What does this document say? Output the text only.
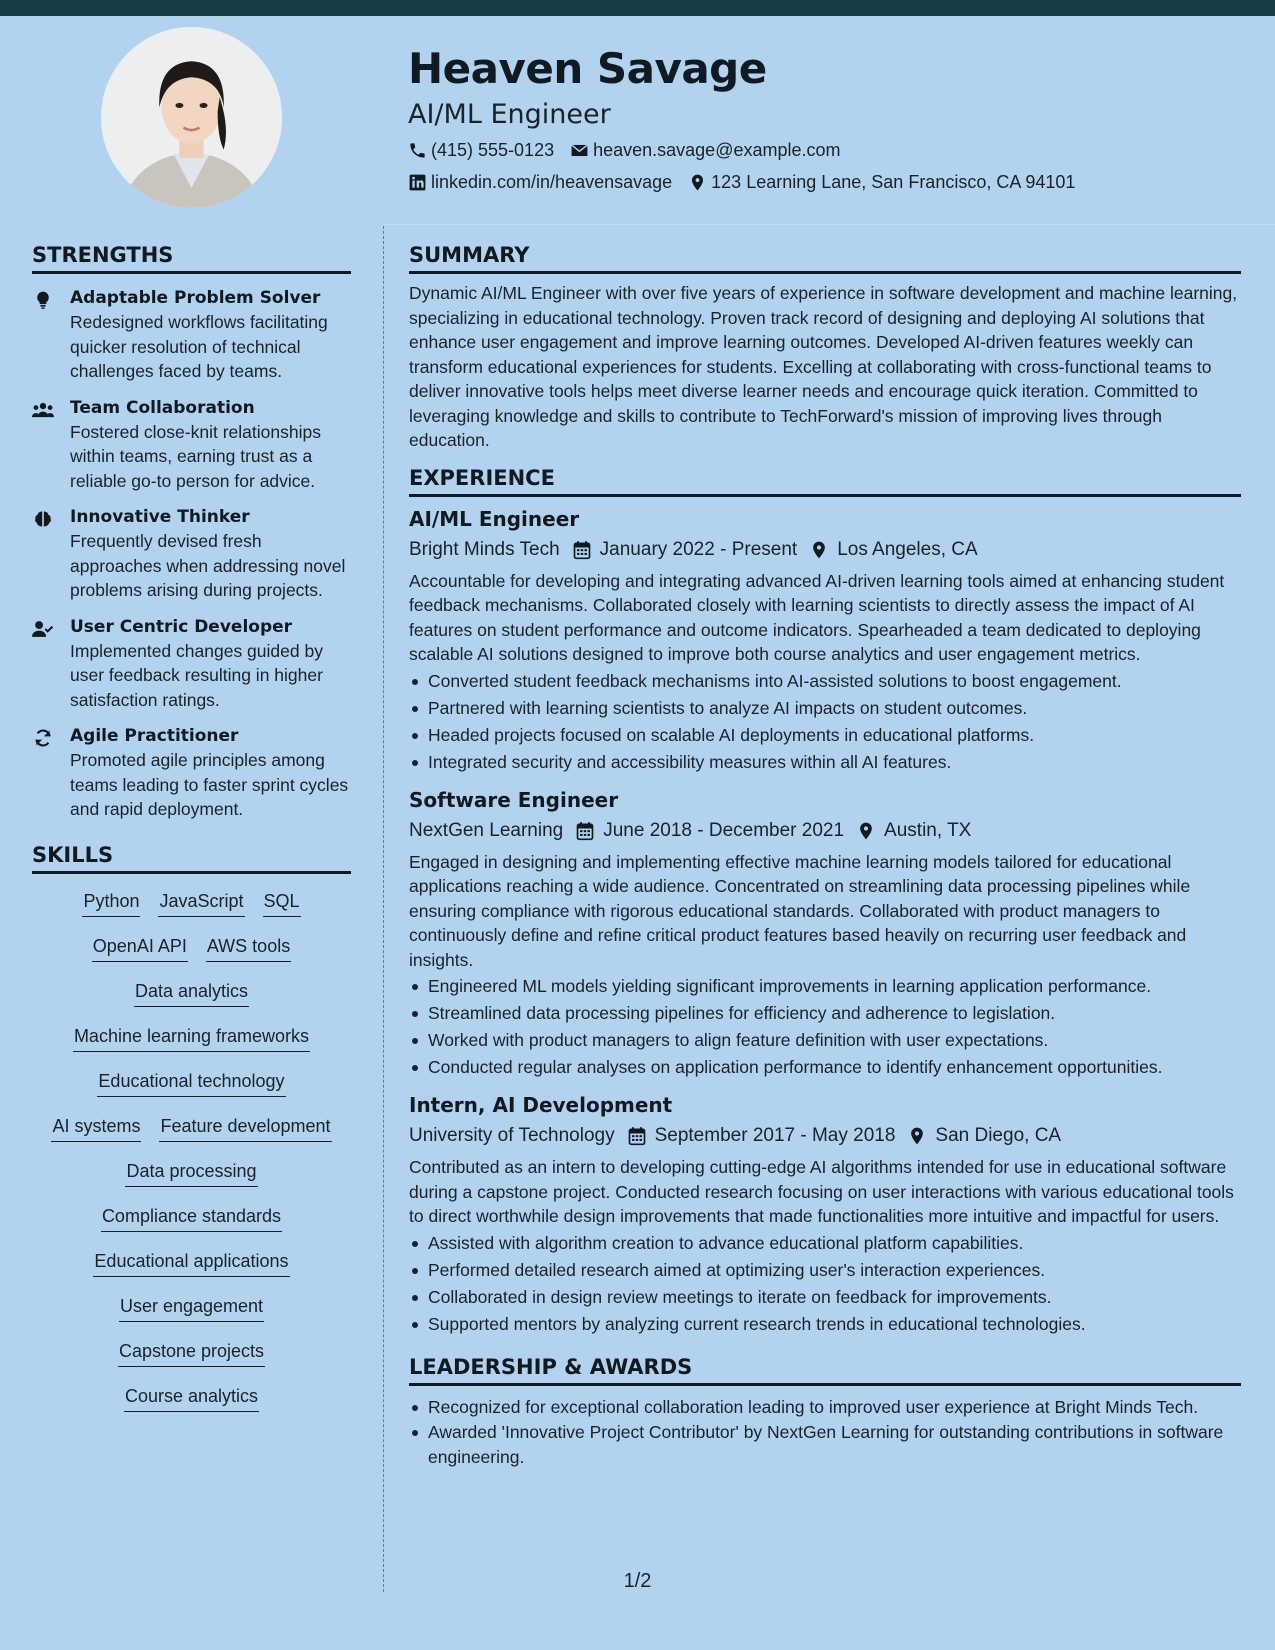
Heaven Savage
AI/ML Engineer
(415) 555-0123 heaven.savage@example.com
linkedin.com/in/heavensavage 123 Learning Lane, San Francisco, CA 94101
STRENGTHS
Adaptable Problem Solver
Redesigned workflows facilitating quicker resolution of technical challenges faced by teams.
Team Collaboration
Fostered close-knit relationships within teams, earning trust as a reliable go-to person for advice.
Innovative Thinker
Frequently devised fresh approaches when addressing novel problems arising during projects.
User Centric Developer
Implemented changes guided by user feedback resulting in higher satisfaction ratings.
Agile Practitioner
Promoted agile principles among teams leading to faster sprint cycles and rapid deployment.
SKILLS
Python JavaScript SQL
OpenAI API AWS tools
Data analytics
Machine learning frameworks
Educational technology
AI systems Feature development
Data processing
Compliance standards
Educational applications
User engagement
Capstone projects
Course analytics
SUMMARY
Dynamic AI/ML Engineer with over five years of experience in software development and machine learning, specializing in educational technology. Proven track record of designing and deploying AI solutions that enhance user engagement and improve learning outcomes. Developed AI-driven features weekly can transform educational experiences for students. Excelling at collaborating with cross-functional teams to deliver innovative tools helps meet diverse learner needs and encourage quick iteration. Committed to leveraging knowledge and skills to contribute to TechForward's mission of improving lives through education.
EXPERIENCE
AI/ML Engineer
Bright Minds Tech January 2022 - Present Los Angeles, CA
Accountable for developing and integrating advanced AI-driven learning tools aimed at enhancing student feedback mechanisms. Collaborated closely with learning scientists to directly assess the impact of AI features on student performance and outcome indicators. Spearheaded a team dedicated to deploying scalable AI solutions designed to improve both course analytics and user engagement metrics.
Converted student feedback mechanisms into AI-assisted solutions to boost engagement.
Partnered with learning scientists to analyze AI impacts on student outcomes.
Headed projects focused on scalable AI deployments in educational platforms.
Integrated security and accessibility measures within all AI features.
Software Engineer
NextGen Learning June 2018 - December 2021 Austin, TX
Engaged in designing and implementing effective machine learning models tailored for educational applications reaching a wide audience. Concentrated on streamlining data processing pipelines while ensuring compliance with rigorous educational standards. Collaborated with product managers to continuously define and refine critical product features based heavily on recurring user feedback and insights.
Engineered ML models yielding significant improvements in learning application performance.
Streamlined data processing pipelines for efficiency and adherence to legislation.
Worked with product managers to align feature definition with user expectations.
Conducted regular analyses on application performance to identify enhancement opportunities.
Intern, AI Development
University of Technology September 2017 - May 2018 San Diego, CA
Contributed as an intern to developing cutting-edge AI algorithms intended for use in educational software during a capstone project. Conducted research focusing on user interactions with various educational tools to direct worthwhile design improvements that made functionalities more intuitive and impactful for users.
Assisted with algorithm creation to advance educational platform capabilities.
Performed detailed research aimed at optimizing user's interaction experiences.
Collaborated in design review meetings to iterate on feedback for improvements.
Supported mentors by analyzing current research trends in educational technologies.
LEADERSHIP & AWARDS
Recognized for exceptional collaboration leading to improved user experience at Bright Minds Tech.
Awarded 'Innovative Project Contributor' by NextGen Learning for outstanding contributions in software engineering.
1/2
